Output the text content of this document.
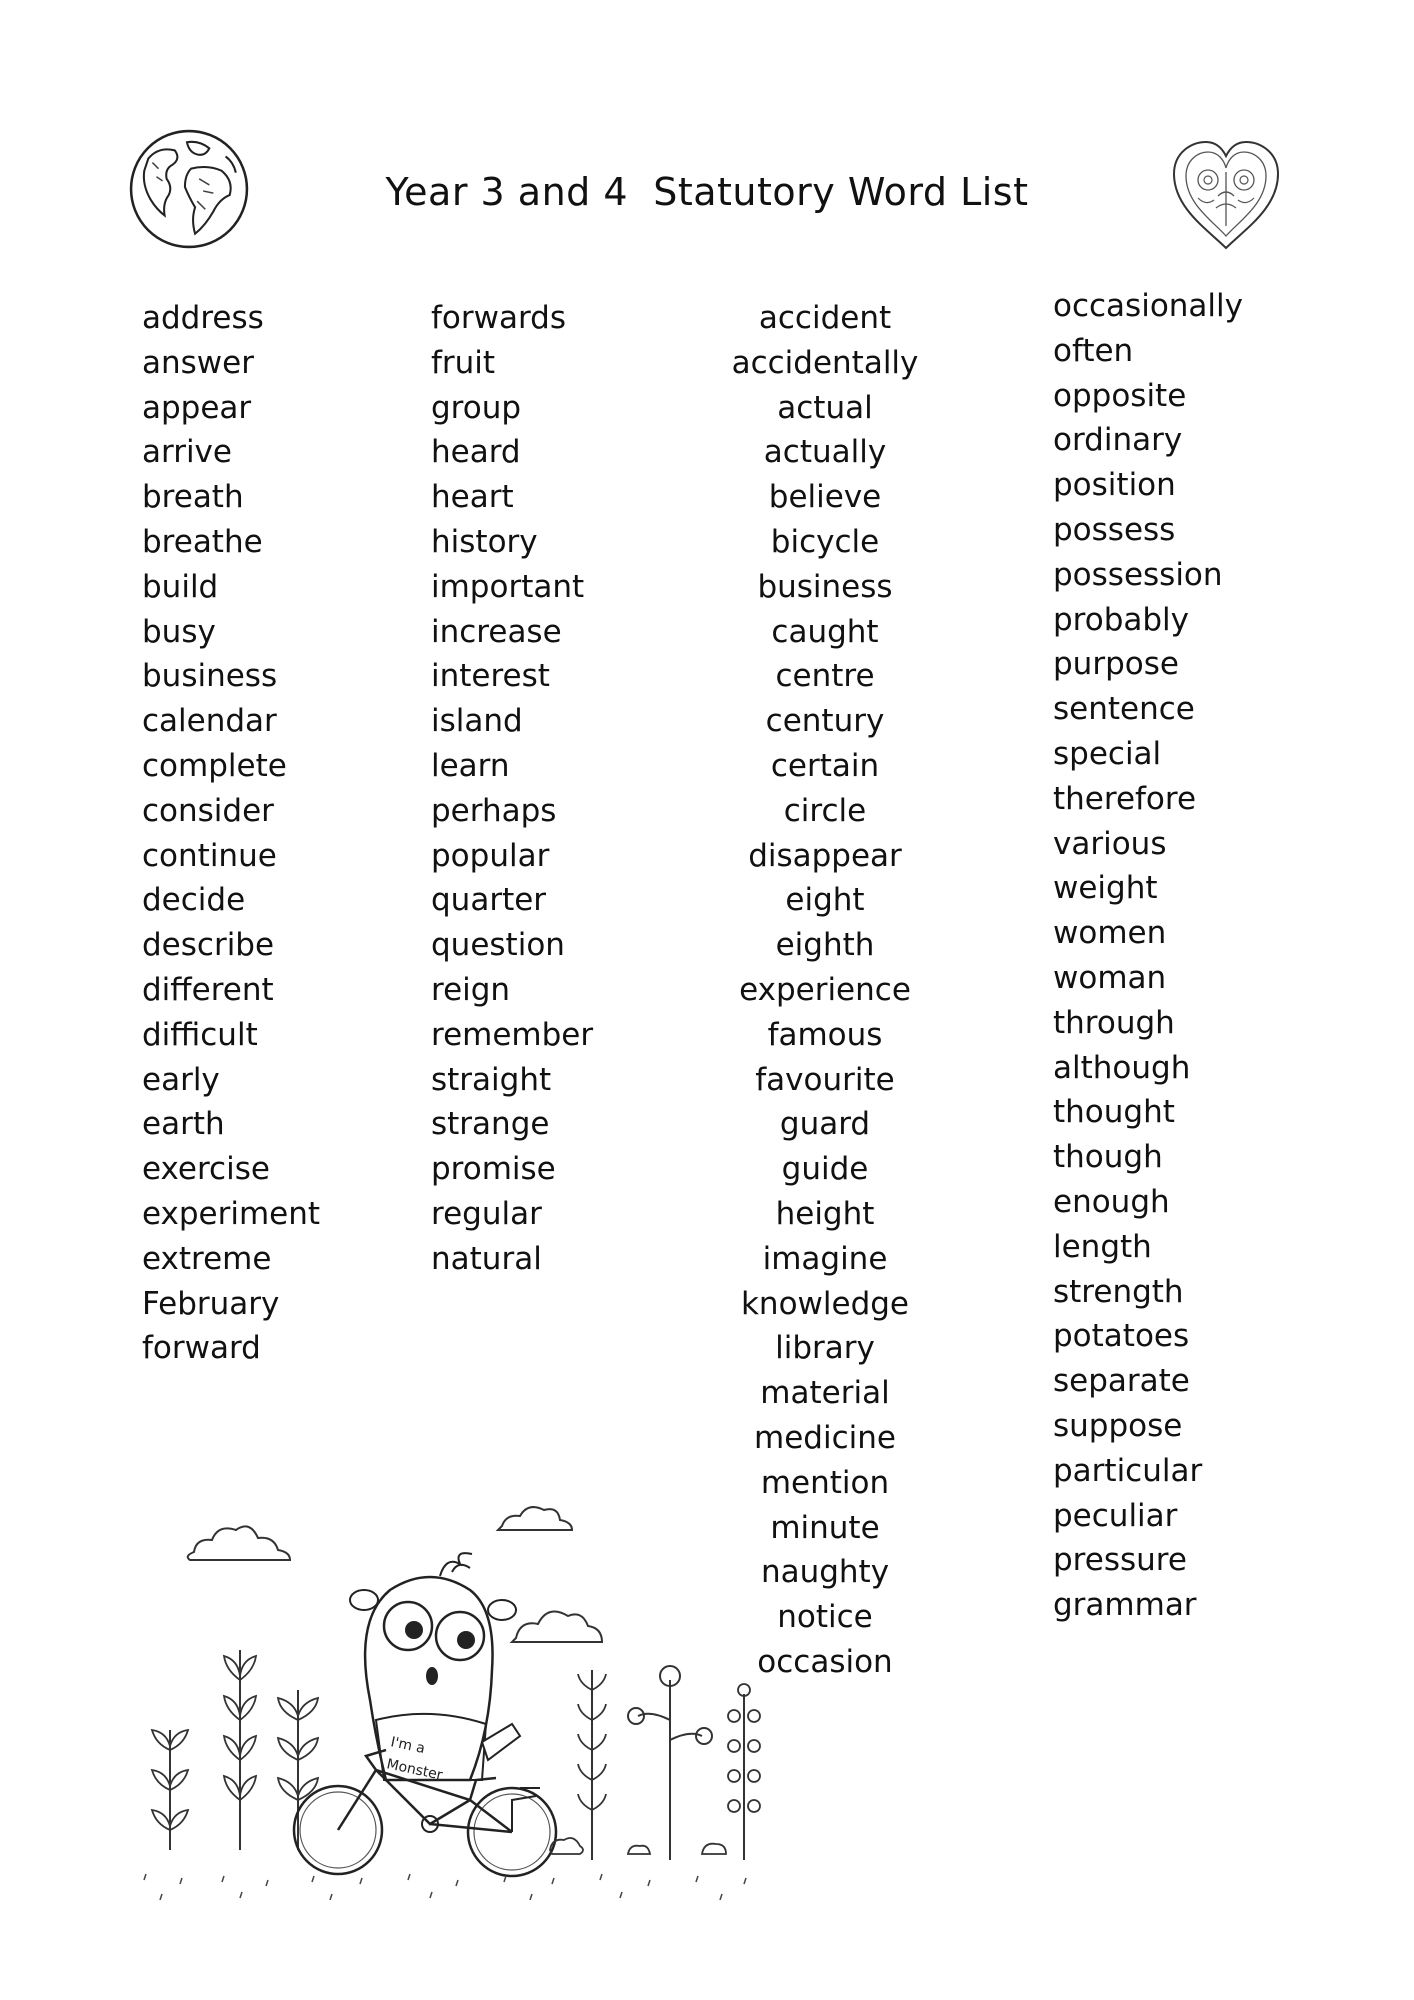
Year 3 and 4  Statutory Word List
address
answer
appear
arrive
breath
breathe
build
busy
business
calendar
complete
consider
continue
decide
describe
different
difficult
early
earth
exercise
experiment
extreme
February
forward
forwards
fruit
group
heard
heart
history
important
increase
interest
island
learn
perhaps
popular
quarter
question
reign
remember
straight
strange
promise
regular
natural
accident
accidentally
actual
actually
believe
bicycle
business
caught
centre
century
certain
circle
disappear
eight
eighth
experience
famous
favourite
guard
guide
height
imagine
knowledge
library
material
medicine
mention
minute
naughty
notice
occasion
occasionally
often
opposite
ordinary
position
possess
possession
probably
purpose
sentence
special
therefore
various
weight
women
woman
through
although
thought
though
enough
length
strength
potatoes
separate
suppose
particular
peculiar
pressure
grammar
I'm a
Monster
